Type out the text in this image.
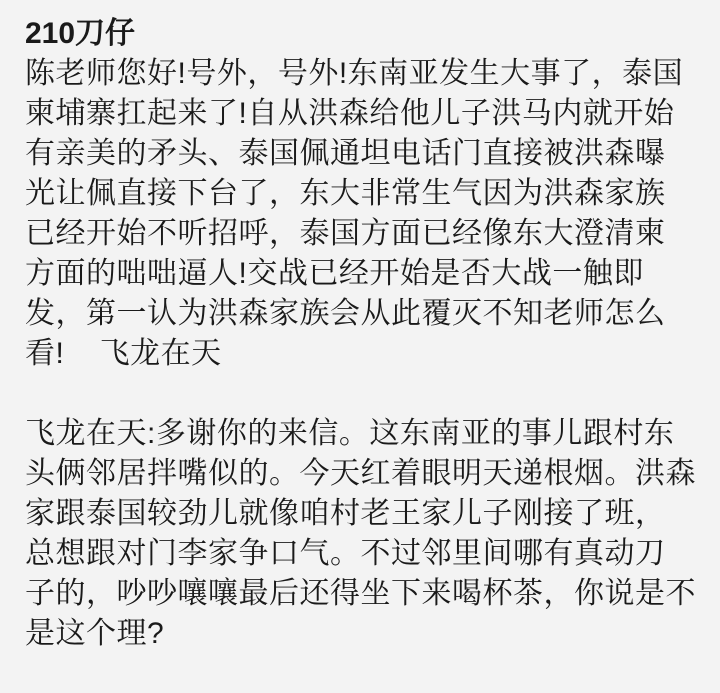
210刀仔
陈老师您好!号外，号外!东南亚发生大事了，泰国
柬埔寨扛起来了!自从洪森给他儿子洪马内就开始
有亲美的矛头、泰国佩通坦电话门直接被洪森曝
光让佩直接下台了，东大非常生气因为洪森家族
已经开始不听招呼，泰国方面已经像东大澄清柬
方面的咄咄逼人!交战已经开始是否大战一触即
发，第一认为洪森家族会从此覆灭不知老师怎么
看!    飞龙在天
飞龙在天:多谢你的来信。这东南亚的事儿跟村东
头俩邻居拌嘴似的。今天红着眼明天递根烟。洪森
家跟泰国较劲儿就像咱村老王家儿子刚接了班，
总想跟对门李家争口气。不过邻里间哪有真动刀
子的，吵吵嚷嚷最后还得坐下来喝杯茶，你说是不
是这个理?
